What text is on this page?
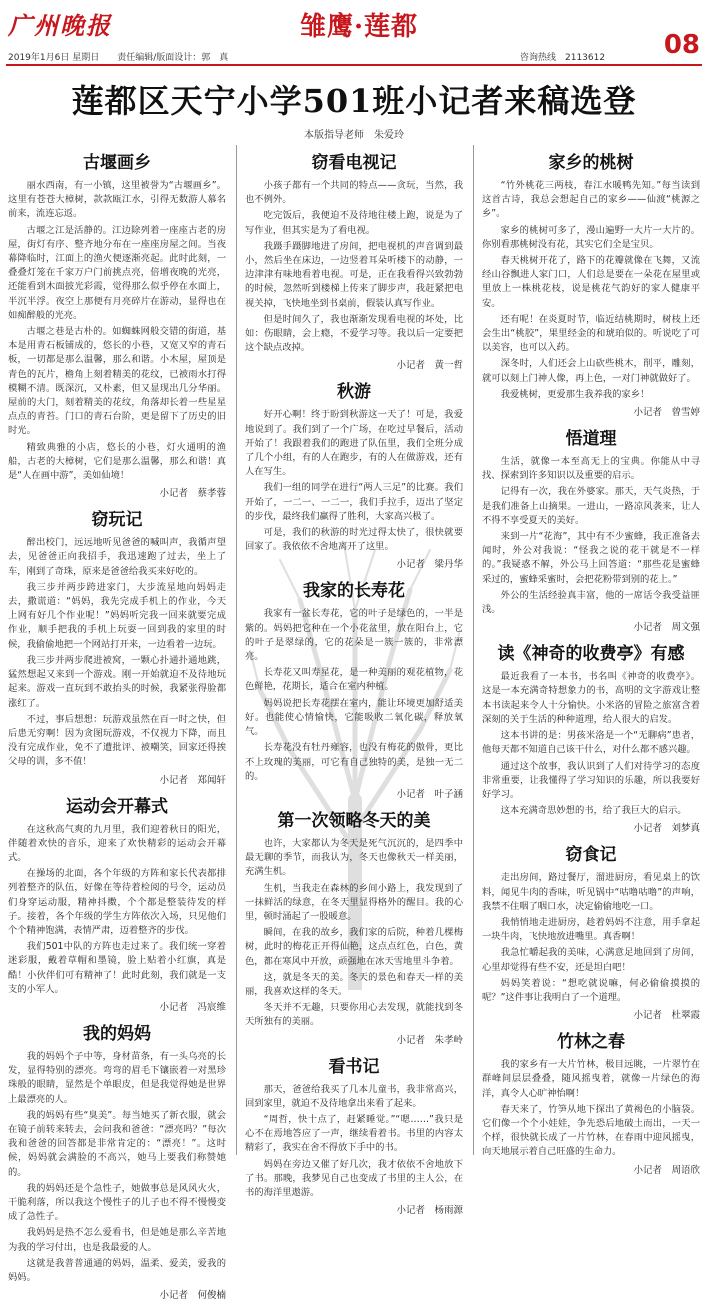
广州晚报	雏鹰·莲都
08
2019年1月6日 星期日　　 责任编辑/版面设计：郭　真	咨询热线　2113612
莲都区天宁小学501班小记者来稿选登
本版指导老师　朱爱玲
古堰画乡

丽水西南，有一小镇，这里被誉为“古堰画乡”。这里有苍苍大樟树，款款瓯江水，引得无数游人慕名前来，流连忘返。

古堰之江是活静的。江边除列着一座座古老的房屋，街灯有序、整齐地分布在一座座房屋之间。当夜幕降临时，江面上的渔火便逐渐亮起。此时此刻，一叠叠灯笼在千家万户门前挑点亮，倍增夜晚的光亮，还能看到木面披光彩霞，觉得那么似乎停在水面上，半沉半浮。夜空上那便有月亮碎片在游动，显得也在如痴醉般的光亮。

古堰之巷是古朴的。如蜘蛛网般交错的街道，基本是用青石板铺成的，悠长的小巷，又宽又窄的青石板，一切都是那么温馨，那么和谐。小木屋，屋顶是青色的瓦片，檐角上刻着精美的花纹，已被雨水打得模糊不清。既深沉，又朴素，但又显现出几分华丽。屋前的大门，刻着精美的花纹，角落却长着一些星星点点的青苔。门口的青石台阶，更是留下了历史的旧时光。

精致典雅的小店，悠长的小巷，灯火通明的渔船，古老的大樟树，它们是那么温馨，那么和谐！真是“人在画中游”，美如仙境！

小记者　蔡孝蓉
窃玩记

醉出校门，远远地听见爸爸的喊叫声，我循声望去，见爸爸正向我招手，我迅速跑了过去，坐上了车，刚到了奇珠，原来是爸爸给我买来好吃的。

我三步并两步跨进家门，大步流星地向妈妈走去，撒谎道：“妈妈，我先完成手机上的作业，今天上网有好几个作业呢！”妈妈听完我一回来就要完成作业，顺手把我的手机上玩耍一回到我的家里的时候，我偷偷地把一个网站打开来，一边看着一边玩。

我三步并两步爬进被窝，一颗心扑通扑通地跳，猛然想起又来到一个游戏。刚一开始就迫不及待地玩起来。游戏一直玩到不敢抬头的时候，我紧张得脸都涨红了。

不过，事后想想：玩游戏虽然在百一时之快，但后患无穷啊！因为贪图玩游戏，不仅视力下降，而且没有完成作业，免不了遭批评、被嘲笑，回家还得挨父母的训，多不值！

小记者　郑闻轩
运动会开幕式

在这秋高气爽的九月里，我们迎着秋日的阳光，伴随着欢快的音乐，迎来了欢快精彩的运动会开幕式。

在操场的北面，各个年级的方阵和家长代表都排列着整齐的队伍，好像在等待着检阅的号令，运动员们身穿运动服，精神抖擞，个个都是整装待发的样子。接着，各个年级的学生方阵依次入场，只见他们个个精神饱满，表情严肃，迈着整齐的步伐。

我们501中队的方阵也走过来了。我们统一穿着迷彩服，戴着草帽和墨镜，脸上贴着小红旗，真是酷！小伙伴们可有精神了！此时此刻，我们就是一支支的小军人。

小记者　冯宸维
我的妈妈

我的妈妈个子中等，身材苗条，有一头乌亮的长发，显得特别的漂亮。弯弯的眉毛下镶嵌着一对黑珍珠般的眼睛，显然是个单眼皮，但是我觉得她是世界上最漂亮的人。

我的妈妈有些“臭美”。每当她买了新衣服，就会在镜子前转来转去，会问我和爸爸：“漂亮吗？”每次我和爸爸的回答都是非常肯定的：“漂亮！”。这时候，妈妈就会满脸的不高兴，她马上要我们称赞她的。

我的妈妈还是个急性子，她做事总是风风火火，干脆利落，所以我这个慢性子的儿子也不得不慢慢变成了急性子。

我妈妈是热不怎么爱看书，但是她是那么辛苦地为我的学习付出，也是我最爱的人。

这就是我普普通通的妈妈，温柔、爱美，爱我的妈妈。

小记者　何俊楠
窃看电视记

小孩子都有一个共同的特点——贪玩，当然，我也不例外。

吃完饭后，我便迫不及待地往楼上跑，说是为了写作业，但其实是为了看电视。

我蹑手蹑脚地进了房间，把电视机的声音调到最小，然后坐在床边，一边竖着耳朵听楼下的动静，一边津津有味地看着电视。可是，正在我看得兴致勃勃的时候，忽然听到楼梯上传来了脚步声，我赶紧把电视关掉，飞快地坐到书桌前，假装认真写作业。

但是时间久了，我也渐渐发现看电视的坏处，比如：伤眼睛，会上瘾，不爱学习等。我以后一定要把这个缺点改掉。

小记者　黄一哲
秋游

好开心啊！终于盼到秋游这一天了！可是，我爱地说到了。我们到了一个广场，在吃过早餐后，活动开始了！我跟着我们的跑进了队伍里，我们全班分成了几个小组，有的人在跑步，有的人在做游戏，还有人在写生。

我们一组的同学在进行“两人三足”的比赛。我们开始了，一二一、一二一，我们手拉手，迈出了坚定的步伐，最终我们赢得了胜利，大家高兴极了。

可是，我们的秋游的时光过得太快了，很快就要回家了。我依依不舍地离开了这里。

小记者　梁丹华
我家的长寿花

我家有一盆长寿花，它的叶子是绿色的，一半是紫的。妈妈把它种在一个小花盆里，放在阳台上，它的叶子是翠绿的，它的花朵是一簇一簇的，非常漂亮。

长寿花又叫寿星花，是一种美丽的观花植物，花色鲜艳，花期长，适合在室内种植。

妈妈说把长寿花摆在室内，能让环境更加舒适美好。也能使心情愉快，它能吸收二氧化碳，释放氧气。

长寿花没有牡丹雍容，也没有梅花的傲骨，更比不上玫瑰的美丽，可它有自己独特的美，是独一无二的。

小记者　叶子涵
第一次领略冬天的美

也许，大家都认为冬天是死气沉沉的，是四季中最无聊的季节，而我认为，冬天也像秋天一样美丽，充满生机。

生机，当我走在森林的乡间小路上，我发现到了一抹鲜活的绿意，在冬天里显得格外的醒目。我的心里，顿时涌起了一股暖意。

瞬间，在我的故乡，我们家的后院，种着几棵梅树，此时的梅花正开得仙艳，这点点红色，白色，黄色，都在寒风中开放，顽强地在冰天雪地里斗争着。

这，就是冬天的美。冬天的景色和春天一样的美丽，我喜欢这样的冬天。

冬天并不无趣，只要你用心去发现，就能找到冬天所独有的美丽。

小记者　朱孝岭
看书记

那天，爸爸给我买了几本儿童书，我非常高兴，回到家里，就迫不及待地拿出来看了起来。

“周哲，快十点了，赶紧睡觉。”“嗯……”我只是心不在焉地答应了一声，继续看着书。书里的内容太精彩了，我实在舍不得放下手中的书。

妈妈在旁边又催了好几次，我才依依不舍地放下了书。那晚，我梦见自己也变成了书里的主人公，在书的海洋里遨游。

小记者　杨雨源
家乡的桃树

“竹外桃花三两枝，春江水暖鸭先知。”每当读到这首古诗，我总会想起自己的家乡——仙渡“桃源之乡”。

家乡的桃树可多了，漫山遍野一大片一大片的。你别看那桃树没有花，其实它们全是宝贝。

春天桃树开花了，路下的花瓣就像在飞舞，又流经山谷飘进人家门口，人们总是要在一朵花在屋里或里放上一株桃花枝，说是桃花气韵好的家人健康平安。

还有呢！在炎夏时节，临近结桃期时，树枝上还会生出“桃胶”，果里经金的和琥珀似的。听说吃了可以美容，也可以入药。

深冬时，人们还会上山砍些桃木，削平，雕刻，就可以刻上门神人像，再上色，一对门神就做好了。

我爱桃树，更爱那生我养我的家乡！

小记者　曾雪婷
悟道理

生活，就像一本至高无上的宝典。你能从中寻找、探索到许多知识以及重要的启示。

记得有一次，我在外婆家。那天，天气炎热，于是我们准备上山摘果。一进山，一路凉风袭来，让人不得不享受夏天的美好。

来到一片“花海”，其中有不少蜜蜂，我正准备去闻时，外公对我说：“怪我之说的花干就是不一样的。”我疑惑不解，外公马上回答道：“那些花是蜜蜂采过的，蜜蜂采蜜时，会把花粉带到别的花上。”

外公的生活经验真丰富，他的一席话令我受益匪浅。

小记者　周文强
读《神奇的收费亭》有感

最近我看了一本书，书名叫《神奇的收费亭》。这是一本充满奇特想象力的书，高明的文字游戏让整本书读起来令人十分愉快。小米洛的冒险之旅富含着深刻的关于生活的种种道理，给人很大的启发。

这本书讲的是：男孩米洛是一个“无聊病”患者，他每天都不知道自己该干什么，对什么都不感兴趣。

通过这个故事，我认识到了人们对待学习的态度非常重要，让我懂得了学习知识的乐趣，所以我要好好学习。

这本充满奇思妙想的书，给了我巨大的启示。

小记者　刘梦真
窃食记

走出房间，路过餐厅，溜进厨房，看见桌上的饮料，闻见牛肉的香味，听见锅中“咕噜咕噜”的声响，我禁不住咽了咽口水，决定偷偷地吃一口。

我悄悄地走进厨房，趁着妈妈不注意，用手拿起一块牛肉，飞快地放进嘴里。真香啊！

我急忙嚼起我的美味，心满意足地回到了房间，心里却觉得有些不安，还是坦白吧！

妈妈笑着说：“想吃就说嘛，何必偷偷摸摸的呢？”这件事让我明白了一个道理。

小记者　杜翠霞
竹林之春

我的家乡有一大片竹林，极目远眺，一片翠竹在群峰间层层叠叠，随风摇曳着，就像一片绿色的海洋，真令人心旷神怡啊！

春天来了，竹笋从地下探出了黄褐色的小脑袋。它们像一个个小娃娃，争先恐后地破土而出，一天一个样，很快就长成了一片竹林，在春雨中迎风摇曳，向天地展示着自己旺盛的生命力。

小记者　周语欣
